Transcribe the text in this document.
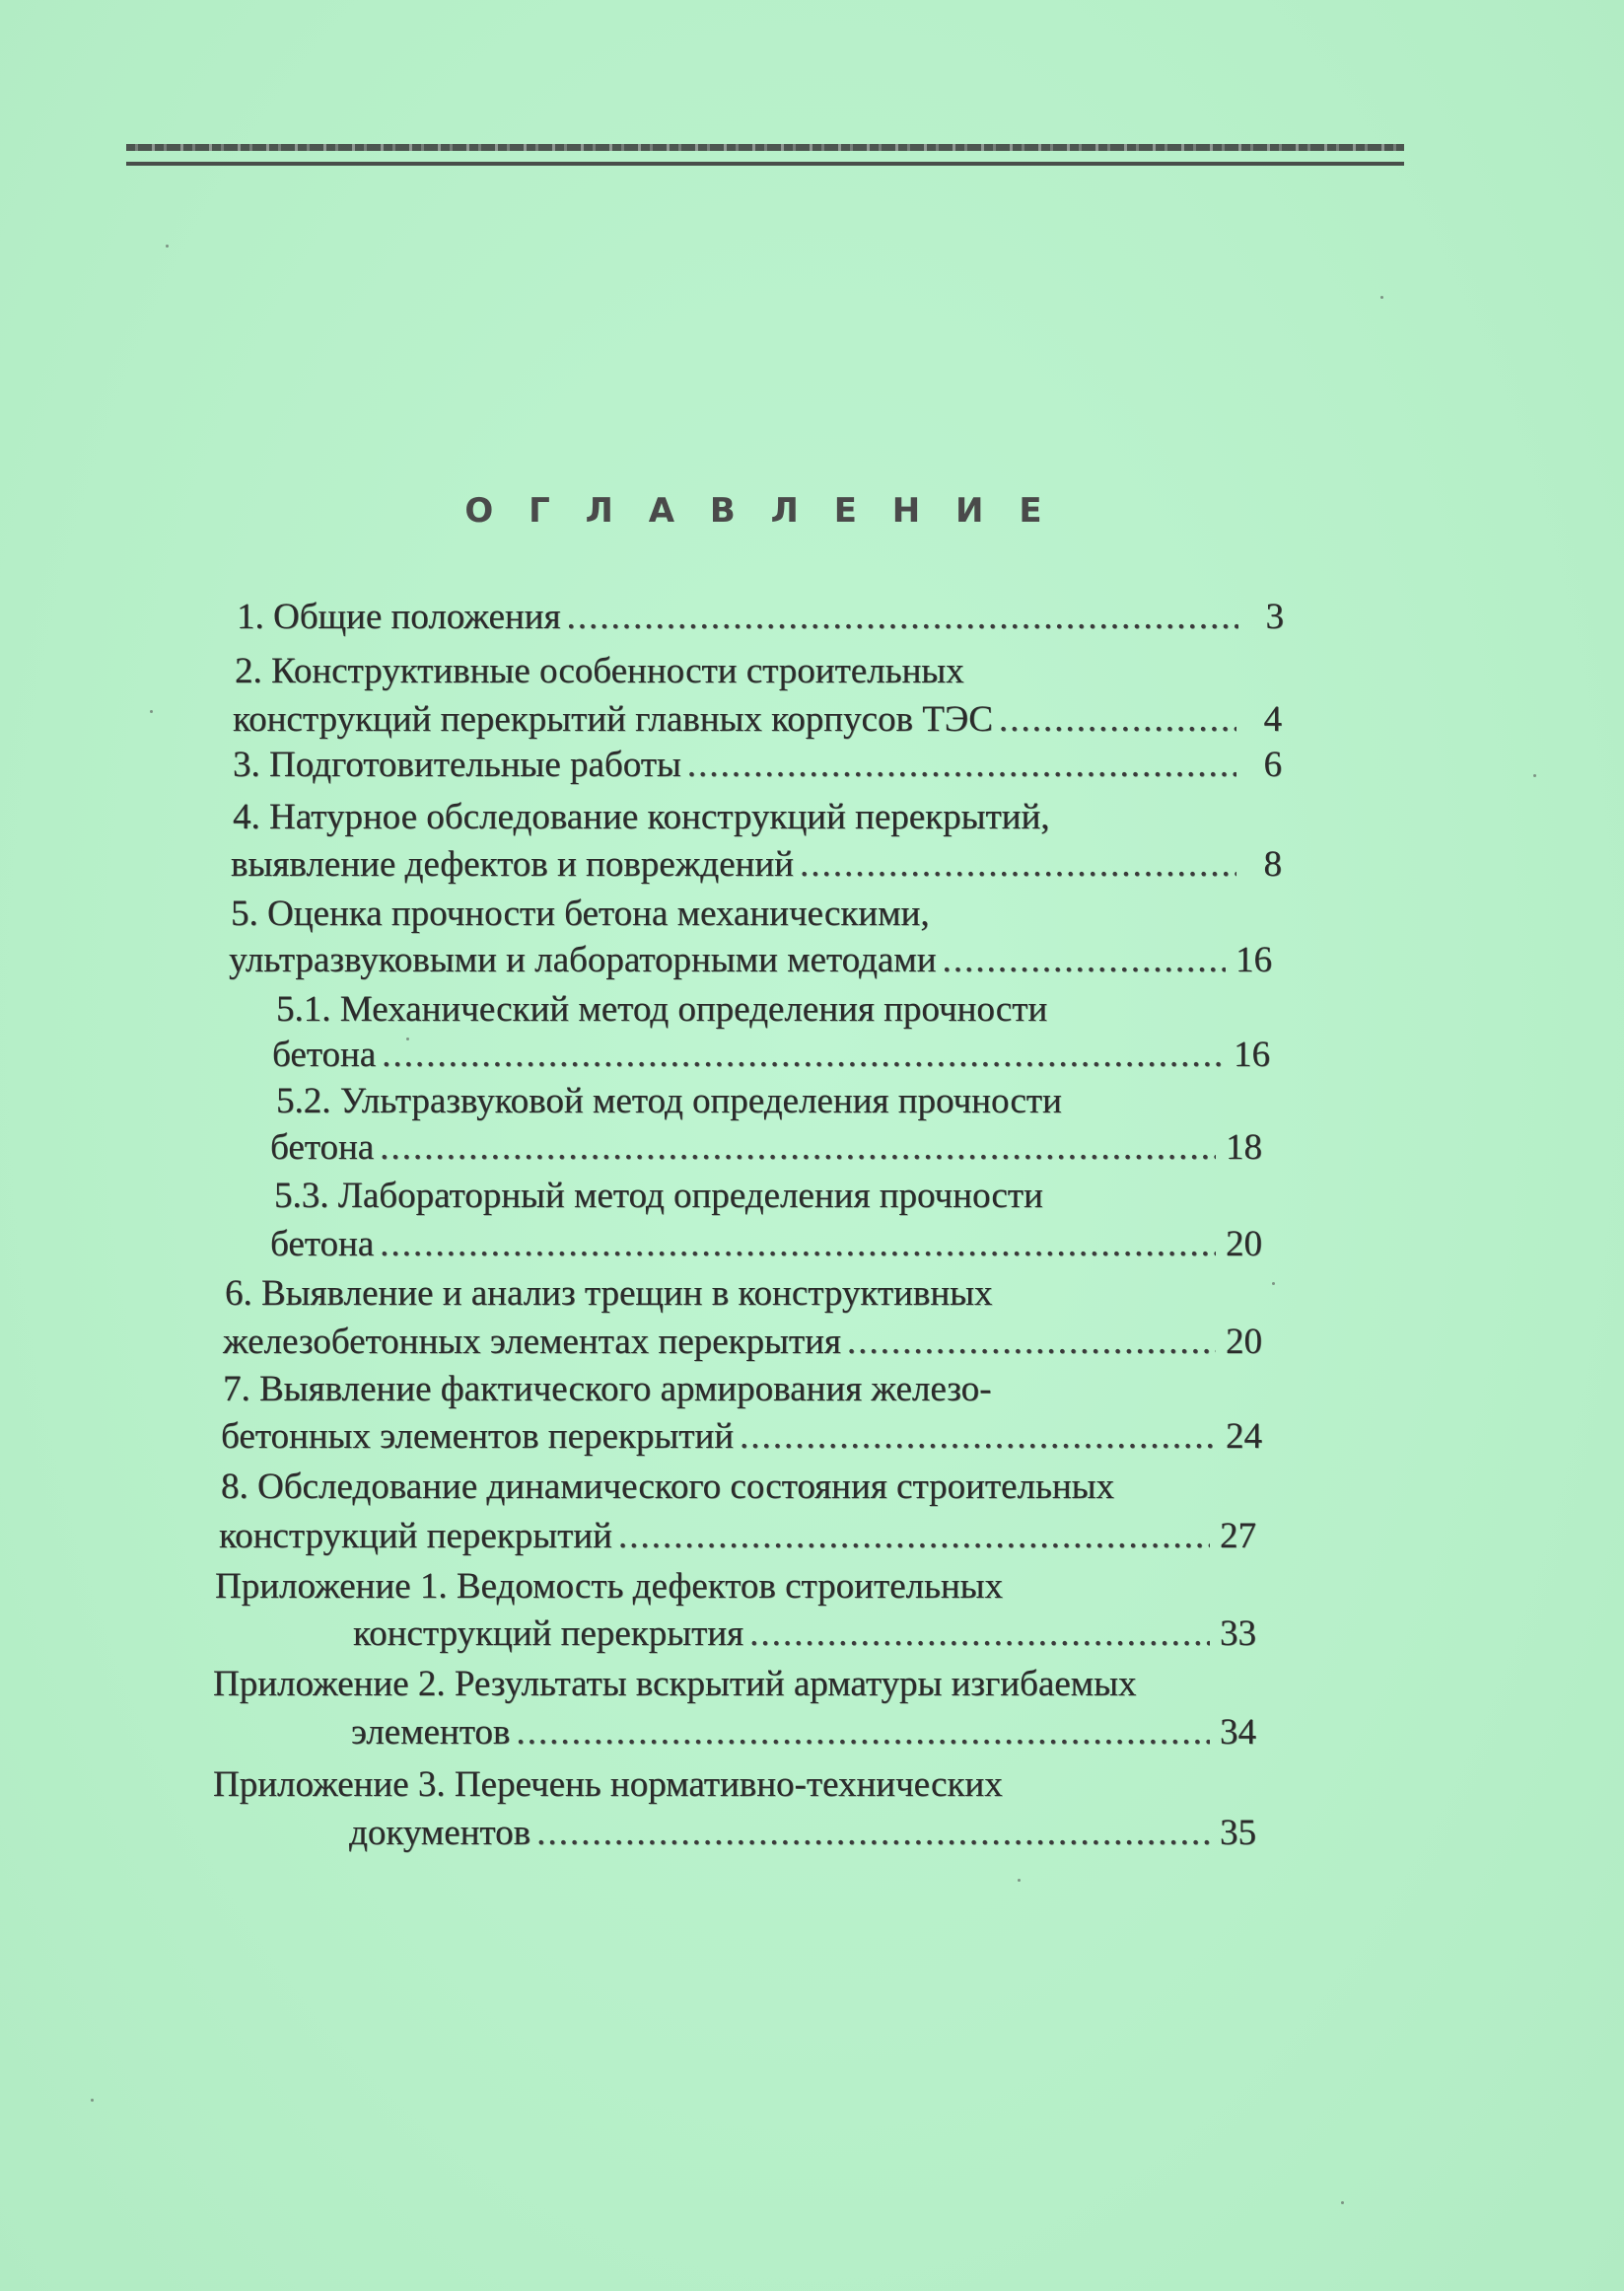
О Г Л А В Л Е Н И Е
1. Общие положения .....	3
2. Конструктивные особенности строительных
конструкций перекрытий главных корпусов ТЭС .....	4
3. Подготовительные работы .....	6
4. Натурное обследование конструкций перекрытий,
выявление дефектов и повреждений .....	8
5. Оценка прочности бетона механическими,
ультразвуковыми и лабораторными методами .....	16
5.1. Механический метод определения прочности
бетона .....	16
5.2. Ультразвуковой метод определения прочности
бетона .....	18
5.3. Лабораторный метод определения прочности
бетона .....	20
6. Выявление и анализ трещин в конструктивных
железобетонных элементах перекрытия .....	20
7. Выявление фактического армирования железо-
бетонных элементов перекрытий .....	24
8. Обследование динамического состояния строительных
конструкций перекрытий .....	27
Приложение 1. Ведомость дефектов строительных
конструкций перекрытия .....	33
Приложение 2. Результаты вскрытий арматуры изгибаемых
элементов .....	34
Приложение 3. Перечень нормативно-технических
документов .....	35
